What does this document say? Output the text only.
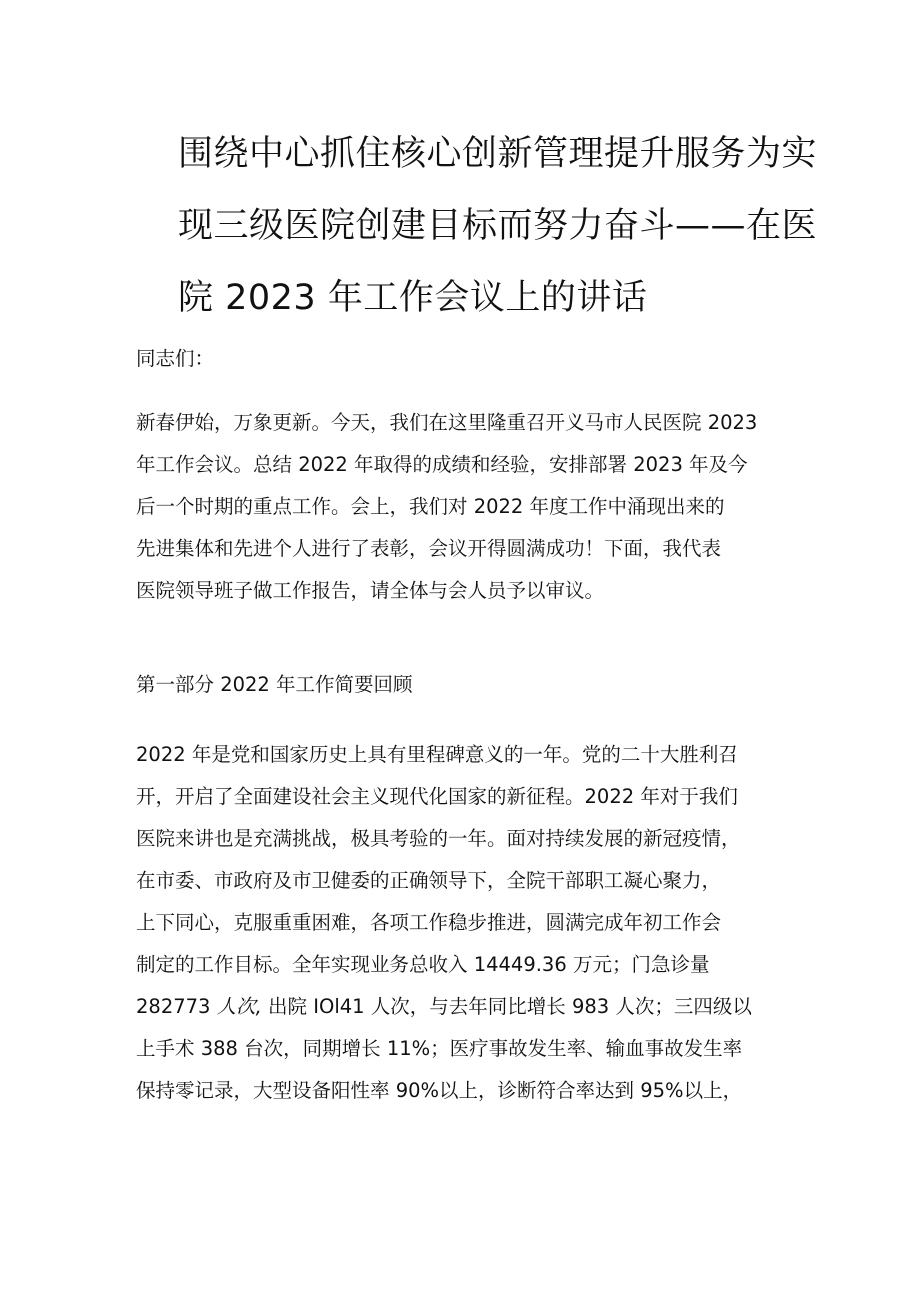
围绕中心抓住核心创新管理提升服务为实
现三级医院创建目标而努力奋斗——在医
院 2023 年工作会议上的讲话

同志们：

新春伊始，万象更新。今天，我们在这里隆重召开义马市人民医院 2023
年工作会议。总结 2022 年取得的成绩和经验，安排部署 2023 年及今
后一个时期的重点工作。会上，我们对 2022 年度工作中涌现出来的
先进集体和先进个人进行了表彰，会议开得圆满成功！下面，我代表
医院领导班子做工作报告，请全体与会人员予以审议。

第一部分 2022 年工作简要回顾

2022 年是党和国家历史上具有里程碑意义的一年。党的二十大胜利召
开，开启了全面建设社会主义现代化国家的新征程。2022 年对于我们
医院来讲也是充满挑战，极具考验的一年。面对持续发展的新冠疫情，
在市委、市政府及市卫健委的正确领导下，全院干部职工凝心聚力，
上下同心，克服重重困难，各项工作稳步推进，圆满完成年初工作会
制定的工作目标。全年实现业务总收入 14449.36 万元；门急诊量
282773 人次, 出院 IOl41 人次，与去年同比增长 983 人次；三四级以
上手术 388 台次，同期增长 11%；医疗事故发生率、输血事故发生率
保持零记录，大型设备阳性率 90%以上，诊断符合率达到 95%以上，
